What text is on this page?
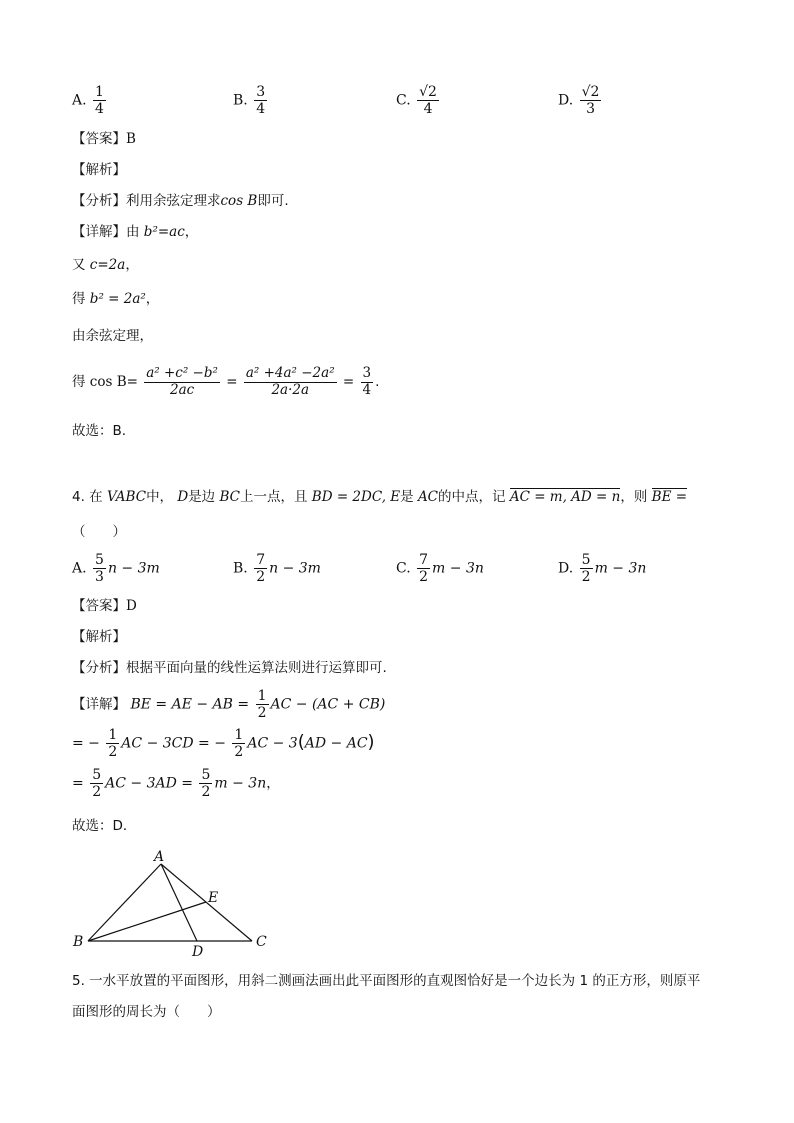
A. $\frac{1}{4}$	B. $\frac{3}{4}$	C. $\frac{√2}{4}$	D. $\frac{√2}{3}$
【答案】B
【解析】
【分析】利用余弦定理求cos B即可.
【详解】由 b²=ac，
又 c=2a，
得 b² = 2a²，
由余弦定理，
得 $\cos B= \frac{\text{a² +c² −b²}}{2ac} = \frac{\text{a² +4a² −2a²}}{2a\cdot 2a} = \frac{3}{4}$ .
故选：B.
4. 在 VABC中， D是边 BC上一点，且 BD = 2DC, E是 AC的中点，记 AC = m, AD = n，则 BE =
（　　）
A. $\frac{5}{3}$ n − 3m	B. $\frac{7}{2}$ n − 3m	C. $\frac{7}{2}$ m − 3n	D. $\frac{5}{2}$ m − 3n
【答案】D
【解析】
【分析】根据平面向量的线性运算法则进行运算即可.
【详解】 BE = AE − AB = $\frac{1}{2}$ AC − (AC + CB)
= − $\frac{1}{2}$ AC − 3CD = − $\frac{1}{2}$ AC − 3(AD − AC)
= $\frac{5}{2}$ AC − $3AD = \frac{5}{2}$ m − 3n，
故选：D．
A
B	C
D
E
5. 一水平放置的平面图形，用斜二测画法画出此平面图形的直观图恰好是一个边长为 1 的正方形，则原平
面图形的周长为（　　）
